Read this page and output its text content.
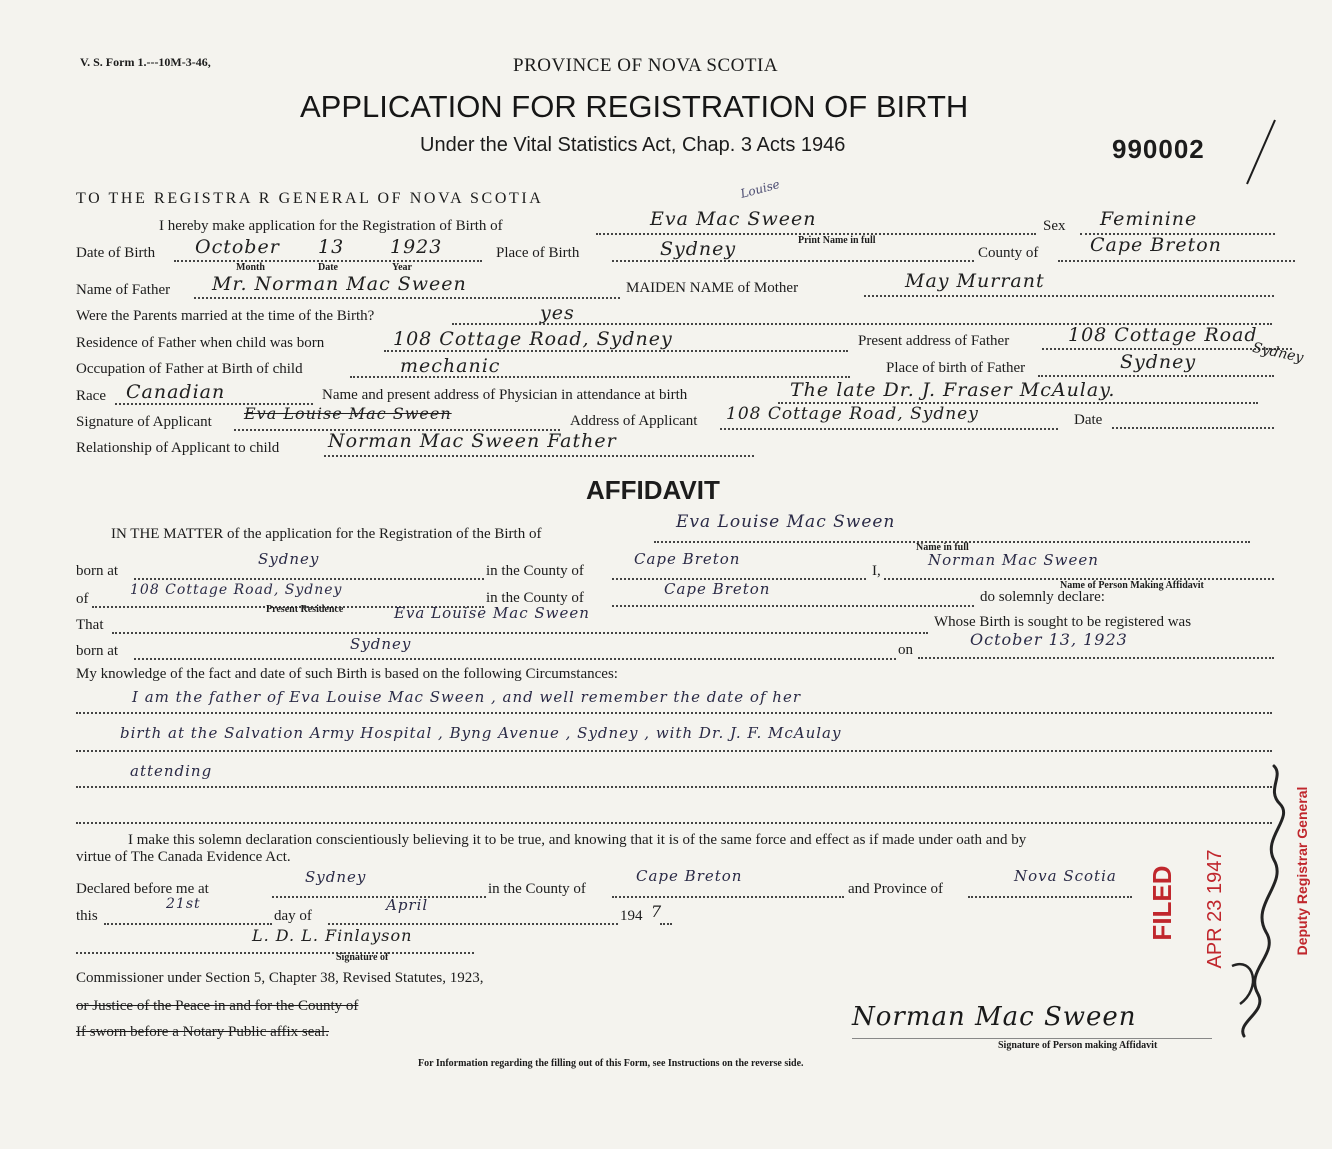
V. S. Form 1.---10M-3-46,	PROVINCE OF NOVA SCOTIA
APPLICATION FOR REGISTRATION OF BIRTH
Under the Vital Statistics Act, Chap. 3 Acts 1946	990002
TO THE REGISTRA R GENERAL OF NOVA SCOTIA	Louise
I hereby make application for the Registration of Birth of	Eva Mac Sween	Sex Feminine
Print Name in full
Date of Birth October 13 1923
Month	Date	Year
Place of Birth	Sydney	County of	Cape Breton
Name of Father Mr. Norman Mac Sween	MAIDEN NAME of Mother	May Murrant
Were the Parents married at the time of the Birth?	yes
Residence of Father when child was born	108 Cottage Road, Sydney	Present address of Father	108 Cottage Road
Occupation of Father at Birth of child	mechanic	Place of birth of Father	Sydney	Sydney
Race Canadian	Name and present address of Physician in attendance at birth	The late Dr. J. Fraser McAulay.
Signature of Applicant Eva Louise Mac Sween	Address of Applicant 108 Cottage Road, Sydney	Date
Relationship of Applicant to child	Norman Mac Sween Father
AFFIDAVIT
IN THE MATTER of the application for the Registration of the Birth of
Eva Louise Mac Sween
Name in full
born at
Sydney
in the County of
Cape Breton
I,
Norman Mac Sween
Name of Person Making Affidavit
of
108 Cottage Road, Sydney
Present Residence
in the County of	Cape Breton	do solemnly declare:
That
Eva Louise Mac Sween	Whose Birth is sought to be registered was
born at	Sydney	on
October 13, 1923
My knowledge of the fact and date of such Birth is based on the following Circumstances:
I am the father of Eva Louise Mac Sween , and well remember the date of her
birth at the Salvation Army Hospital , Byng Avenue , Sydney , with Dr. J. F. McAulay
attending
I make this solemn declaration conscientiously believing it to be true, and knowing that it is of the same force and effect as if made under oath and by
virtue of The Canada Evidence Act.
Declared before me at
Sydney
in the County of
Cape Breton
and Province of
Nova Scotia
this
21st
day of
April
194 7
L. D. L. Finlayson
Signature of
Commissioner under Section 5, Chapter 38, Revised Statutes, 1923,
or Justice of the Peace in and for the County of
If sworn before a Notary Public affix seal.	Norman Mac Sween
Signature of Person making Affidavit
For Information regarding the filling out of this Form, see Instructions on the reverse side.
FILED APR 23 1947	Deputy Registrar General
